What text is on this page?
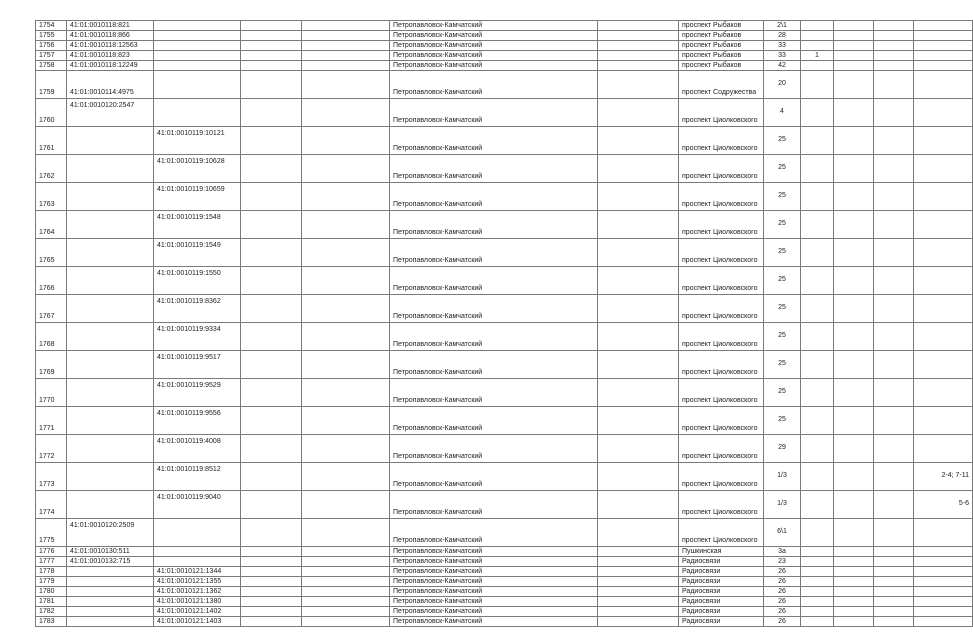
1754	41:01:0010118:821				Петропавловск-Камчатский		проспект Рыбаков	2\1				
1755	41:01:0010118:866				Петропавловск-Камчатский		проспект Рыбаков	28				
1756	41:01:0010118:12563				Петропавловск-Камчатский		проспект Рыбаков	33				
1757	41:01:0010118:823				Петропавловск-Камчатский		проспект Рыбаков	33	1			
1758	41:01:0010118:12249				Петропавловск-Камчатский		проспект Рыбаков	42				
1759	41:01:0010114:4975				Петропавловск-Камчатский		проспект Содружества	20				
1760	41:01:0010120:2547				Петропавловск-Камчатский		проспект Циолковского	4				
1761		41:01:0010119:10121			Петропавловск-Камчатский		проспект Циолковского	25				
1762		41:01:0010119:10628			Петропавловск-Камчатский		проспект Циолковского	25				
1763		41:01:0010119:10659			Петропавловск-Камчатский		проспект Циолковского	25				
1764		41:01:0010119:1548			Петропавловск-Камчатский		проспект Циолковского	25				
1765		41:01:0010119:1549			Петропавловск-Камчатский		проспект Циолковского	25				
1766		41:01:0010119:1550			Петропавловск-Камчатский		проспект Циолковского	25				
1767		41:01:0010119:8362			Петропавловск-Камчатский		проспект Циолковского	25				
1768		41:01:0010119:9334			Петропавловск-Камчатский		проспект Циолковского	25				
1769		41:01:0010119:9517			Петропавловск-Камчатский		проспект Циолковского	25				
1770		41:01:0010119:9529			Петропавловск-Камчатский		проспект Циолковского	25				
1771		41:01:0010119:9556			Петропавловск-Камчатский		проспект Циолковского	25				
1772		41:01:0010119:4008			Петропавловск-Камчатский		проспект Циолковского	29				
1773		41:01:0010119:8512			Петропавловск-Камчатский		проспект Циолковского	1/3				2-4; 7-11
1774		41:01:0010119:9040			Петропавловск-Камчатский		проспект Циолковского	1/3				5-6
1775	41:01:0010120:2509				Петропавловск-Камчатский		проспект Циолковского	6\1				
1776	41:01:0010130:511				Петропавловск-Камчатский		Пушкинская	3а				
1777	41:01:0010132:715				Петропавловск-Камчатский		Радиосвязи	23				
1778		41:01:0010121:1344			Петропавловск-Камчатский		Радиосвязи	26				
1779		41:01:0010121:1355			Петропавловск-Камчатский		Радиосвязи	26				
1780		41:01:0010121:1362			Петропавловск-Камчатский		Радиосвязи	26				
1781		41:01:0010121:1380			Петропавловск-Камчатский		Радиосвязи	26				
1782		41:01:0010121:1402			Петропавловск-Камчатский		Радиосвязи	26				
1783		41:01:0010121:1403			Петропавловск-Камчатский		Радиосвязи	26				
